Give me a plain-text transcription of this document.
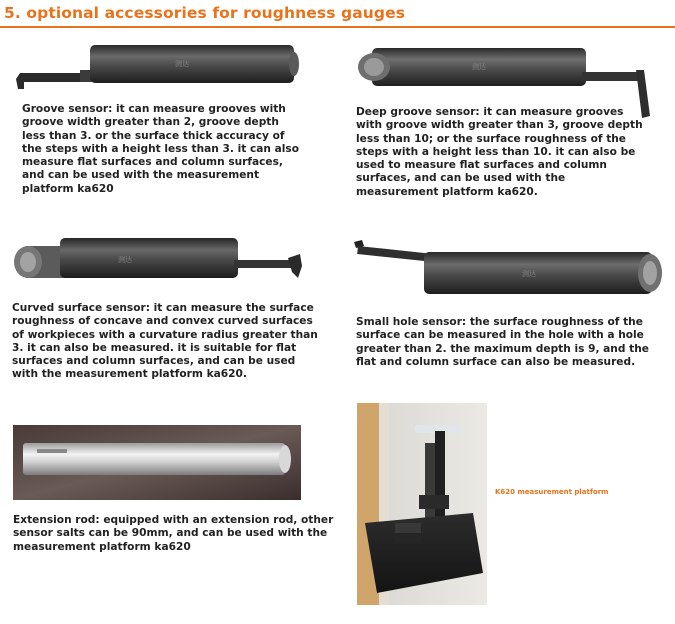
5. optional accessories for roughness gauges
测达
Groove sensor: it can measure grooves with
groove width greater than 2, groove depth
less than 3. or the surface thick accuracy of
the steps with a height less than 3. it can also
measure flat surfaces and column surfaces,
and can be used with the measurement
platform ka620
测达
Deep groove sensor: it can measure grooves
with groove width greater than 3, groove depth
less than 10; or the surface roughness of the
steps with a height less than 10. it can also be
used to measure flat surfaces and column
surfaces, and can be used with the
measurement platform ka620.
测达
Curved surface sensor: it can measure the surface
roughness of concave and convex curved surfaces
of workpieces with a curvature radius greater than
3. it can also be measured. it is suitable for flat
surfaces and column surfaces, and can be used
with the measurement platform ka620.
测达
Small hole sensor: the surface roughness of the
surface can be measured in the hole with a hole
greater than 2. the maximum depth is 9, and the
flat and column surface can also be measured.
Extension rod: equipped with an extension rod, other
sensor salts can be 90mm, and can be used with the
measurement platform ka620
K620 measurement platform
